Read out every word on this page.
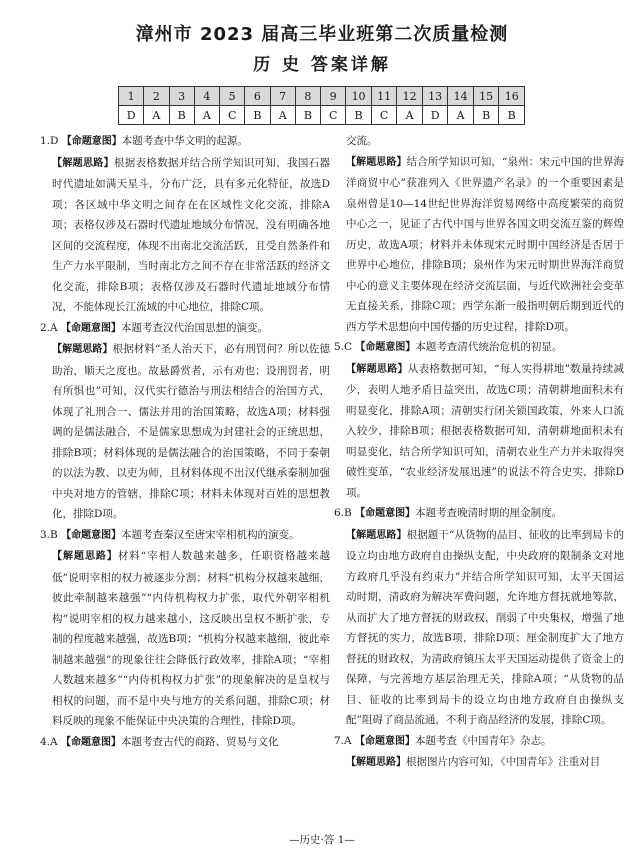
漳州市 2023 届高三毕业班第二次质量检测
历 史 答案详解
1	2	3	4	5	6	7	8	9	10	11	12	13	14	15	16
D	A	B	A	C	B	A	B	C	B	C	A	D	A	B	B

1.D 【命题意图】本题考查中华文明的起源。

【解题思路】根据表格数据并结合所学知识可知，我国石器时代遗址如满天星斗，分布广泛，具有多元化特征，故选D项；各区域中华文明之间存在在区域性文化交流，排除A项；表格仅涉及石器时代遗址地域分布情况，没有明确各地区间的交流程度，体现不出南北交流活跃，且受自然条件和生产力水平限制，当时南北方之间不存在非常活跃的经济文化交流，排除B项；表格仅涉及石器时代遗址地域分布情况，不能体现长江流域的中心地位，排除C项。

2.A 【命题意图】本题考查汉代治国思想的演变。

【解题思路】根据材料“圣人治天下，必有刑罚何？所以佐德助治，顺天之度也。故悬爵赏者，示有劝也；设刑罚者，明有所惧也”可知，汉代实行德治与刑法相结合的治国方式，体现了礼刑合一、儒法并用的治国策略，故选A项；材料强调的是儒法融合，不是儒家思想成为封建社会的正统思想，排除B项；材料体现的是儒法融合的治国策略，不同于秦朝的以法为教、以吏为师，且材料体现不出汉代继承秦制加强中央对地方的管辖，排除C项；材料未体现对百姓的思想教化，排除D项。

3.B 【命题意图】本题考查秦汉至唐宋宰相机构的演变。

【解题思路】材料“宰相人数越来越多，任职资格越来越低”说明宰相的权力被逐步分割；材料“机构分权越来越细，彼此牵制越来越强”“内侍机构权力扩张，取代外朝宰相机构”说明宰相的权力越来越小，这反映出皇权不断扩张，专制的程度越来越强，故选B项；“机构分权越来越细，彼此牵制越来越强”的现象往往会降低行政效率，排除A项；“宰相人数越来越多”“内侍机构权力扩张”的现象解决的是皇权与相权的问题，而不是中央与地方的关系问题，排除C项；材料反映的现象不能保证中央决策的合理性，排除D项。

4.A 【命题意图】本题考查古代的商路、贸易与文化

交流。

【解题思路】结合所学知识可知，“泉州：宋元中国的世界海洋商贸中心”获准列入《世界遗产名录》的一个重要因素是泉州曾是10—14世纪世界海洋贸易网络中高度繁荣的商贸中心之一，见证了古代中国与世界各国文明交流互鉴的辉煌历史，故选A项；材料并未体现宋元时期中国经济是否居于世界中心地位，排除B项；泉州作为宋元时期世界海洋商贸中心的意义主要体现在经济交流层面，与近代欧洲社会变革无直接关系，排除C项；西学东渐一般指明朝后期到近代的西方学术思想向中国传播的历史过程，排除D项。

5.C 【命题意图】本题考查清代统治危机的初显。

【解题思路】从表格数据可知，“每人实得耕地”数量持续减少，表明人地矛盾日益突出，故选C项；清朝耕地面积未有明显变化，排除A项；清朝实行闭关锁国政策，外来人口流入较少，排除B项；根据表格数据可知，清朝耕地面积未有明显变化，结合所学知识可知，清朝农业生产力并未取得突破性变革，“农业经济发展迅速”的说法不符合史实，排除D项。

6.B 【命题意图】本题考查晚清时期的厘金制度。

【解题思路】根据题干“从货物的品目、征收的比率到局卡的设立均由地方政府自由操纵支配，中央政府的限制条文对地方政府几乎没有约束力”并结合所学知识可知，太平天国运动时期，清政府为解决军费问题，允许地方督抚就地筹款，从而扩大了地方督抚的财政权，削弱了中央集权，增强了地方督抚的实力，故选B项，排除D项；厘金制度扩大了地方督抚的财政权，为清政府镇压太平天国运动提供了资金上的保障，与完善地方基层治理无关，排除A项；“从货物的品目、征收的比率到局卡的设立均由地方政府自由操纵支配”阻碍了商品流通，不利于商品经济的发展，排除C项。

7.A 【命题意图】本题考查《中国青年》杂志。

【解题思路】根据图片内容可知，《中国青年》注重对目

—历史·答 1—
